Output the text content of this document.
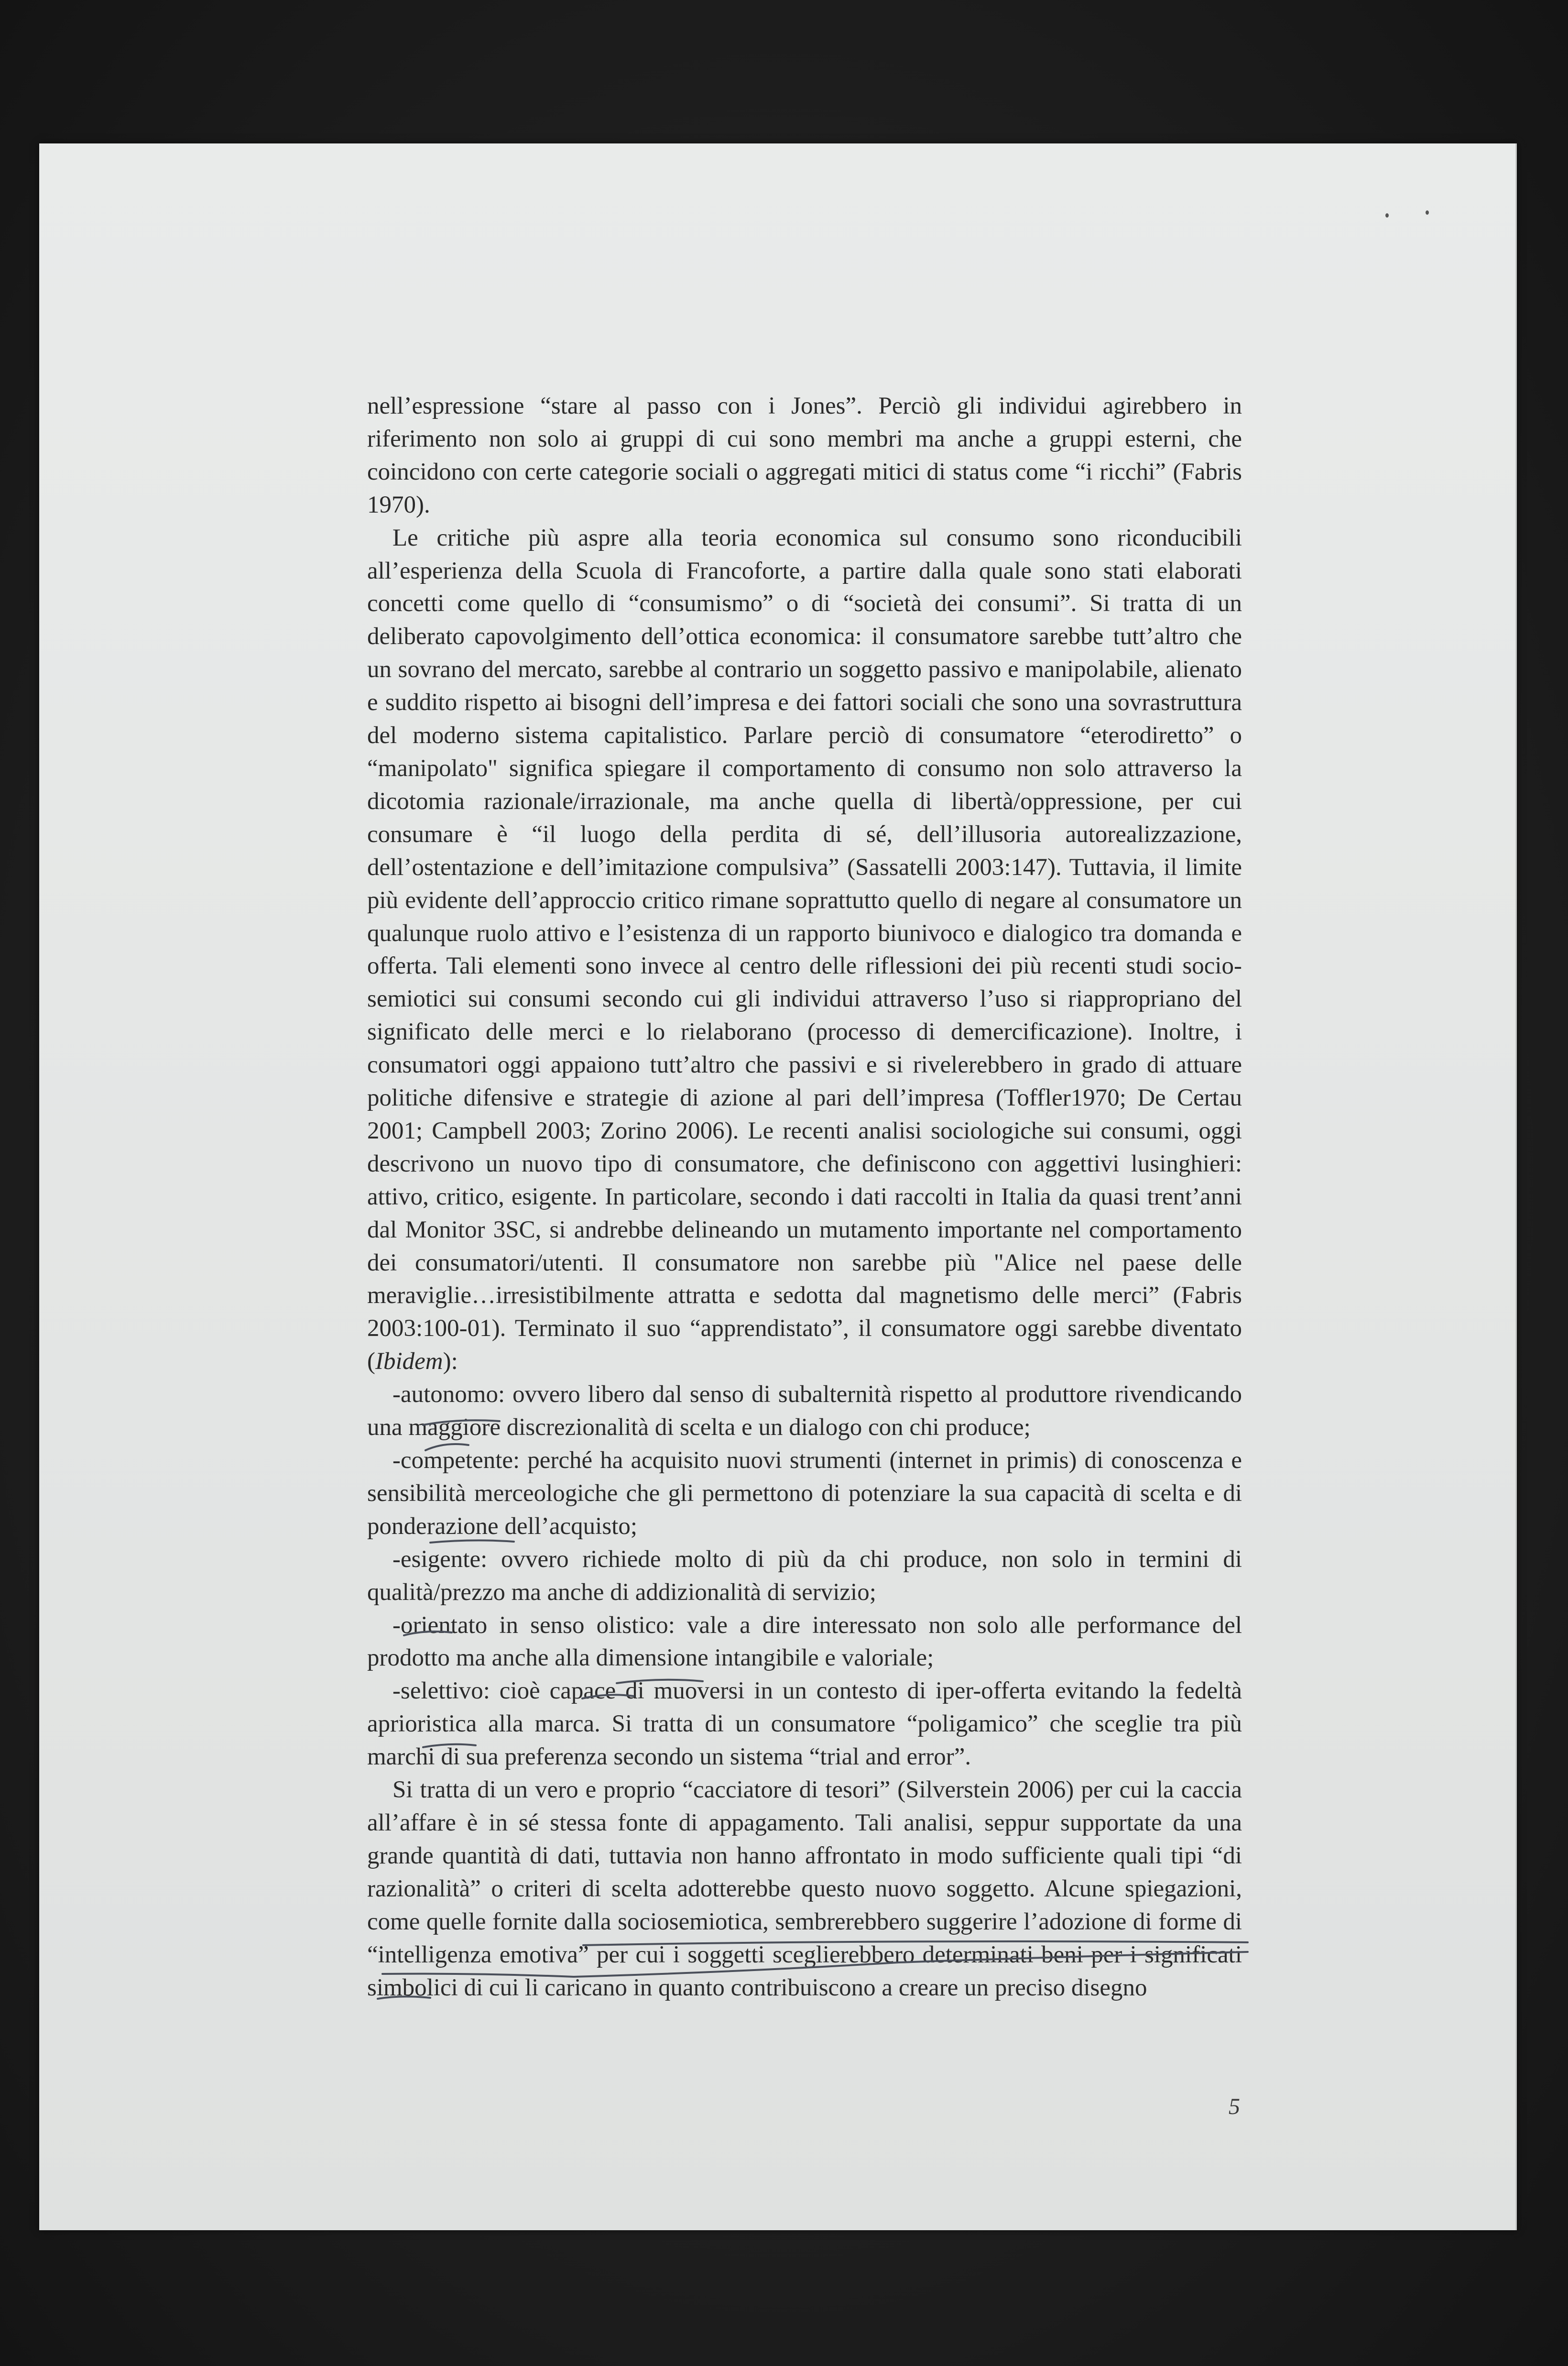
nell’espressione “stare al passo con i Jones”. Perciò gli individui agirebbero in riferimento non solo ai gruppi di cui sono membri ma anche a gruppi esterni, che coincidono con certe categorie sociali o aggregati mitici di status come “i ricchi” (Fabris 1970).

Le critiche più aspre alla teoria economica sul consumo sono riconducibili all’esperienza della Scuola di Francoforte, a partire dalla quale sono stati elaborati concetti come quello di “consumismo” o di “società dei consumi”. Si tratta di un deliberato capovolgimento dell’ottica economica: il consumatore sarebbe tutt’altro che un sovrano del mercato, sarebbe al contrario un soggetto passivo e manipolabile, alienato e suddito rispetto ai bisogni dell’impresa e dei fattori sociali che sono una sovrastruttura del moderno sistema capitalistico. Parlare perciò di consumatore “eterodiretto” o “manipolato" significa spiegare il comportamento di consumo non solo attraverso la dicotomia razionale/irrazionale, ma anche quella di libertà/oppressione, per cui consumare è “il luogo della perdita di sé, dell’illusoria autorealizzazione, dell’ostentazione e dell’imitazione compulsiva” (Sassatelli 2003:147). Tuttavia, il limite più evidente dell’approccio critico rimane soprattutto quello di negare al consumatore un qualunque ruolo attivo e l’esistenza di un rapporto biunivoco e dialogico tra domanda e offerta. Tali elementi sono invece al centro delle riflessioni dei più recenti studi socio-semiotici sui consumi secondo cui gli individui attraverso l’uso si riappropriano del significato delle merci e lo rielaborano (processo di demercificazione). Inoltre, i consumatori oggi appaiono tutt’altro che passivi e si rivelerebbero in grado di attuare politiche difensive e strategie di azione al pari dell’impresa (Toffler1970; De Certau 2001; Campbell 2003; Zorino 2006). Le recenti analisi sociologiche sui consumi, oggi descrivono un nuovo tipo di consumatore, che definiscono con aggettivi lusinghieri: attivo, critico, esigente. In particolare, secondo i dati raccolti in Italia da quasi trent’anni dal Monitor 3SC, si andrebbe delineando un mutamento importante nel comportamento dei consumatori/utenti. Il consumatore non sarebbe più "Alice nel paese delle meraviglie…irresistibilmente attratta e sedotta dal magnetismo delle merci” (Fabris 2003:100-01). Terminato il suo “apprendistato”, il consumatore oggi sarebbe diventato (Ibidem):

-autonomo: ovvero libero dal senso di subalternità rispetto al produttore rivendicando una maggiore discrezionalità di scelta e un dialogo con chi produce;

-competente: perché ha acquisito nuovi strumenti (internet in primis) di conoscenza e sensibilità merceologiche che gli permettono di potenziare la sua capacità di scelta e di ponderazione dell’acquisto;

-esigente: ovvero richiede molto di più da chi produce, non solo in termini di qualità/prezzo ma anche di addizionalità di servizio;

-orientato in senso olistico: vale a dire interessato non solo alle performance del prodotto ma anche alla dimensione intangibile e valoriale;

-selettivo: cioè capace di muoversi in un contesto di iper-offerta evitando la fedeltà aprioristica alla marca. Si tratta di un consumatore “poligamico” che sceglie tra più marchi di sua preferenza secondo un sistema “trial and error”.

Si tratta di un vero e proprio “cacciatore di tesori” (Silverstein 2006) per cui la caccia all’affare è in sé stessa fonte di appagamento. Tali analisi, seppur supportate da una grande quantità di dati, tuttavia non hanno affrontato in modo sufficiente quali tipi “di razionalità” o criteri di scelta adotterebbe questo nuovo soggetto. Alcune spiegazioni, come quelle fornite dalla sociosemiotica, sembrerebbero suggerire l’adozione di forme di “intelligenza emotiva” per cui i soggetti sceglierebbero determinati beni per i significati simbolici di cui li caricano in quanto contribuiscono a creare un preciso disegno

5
